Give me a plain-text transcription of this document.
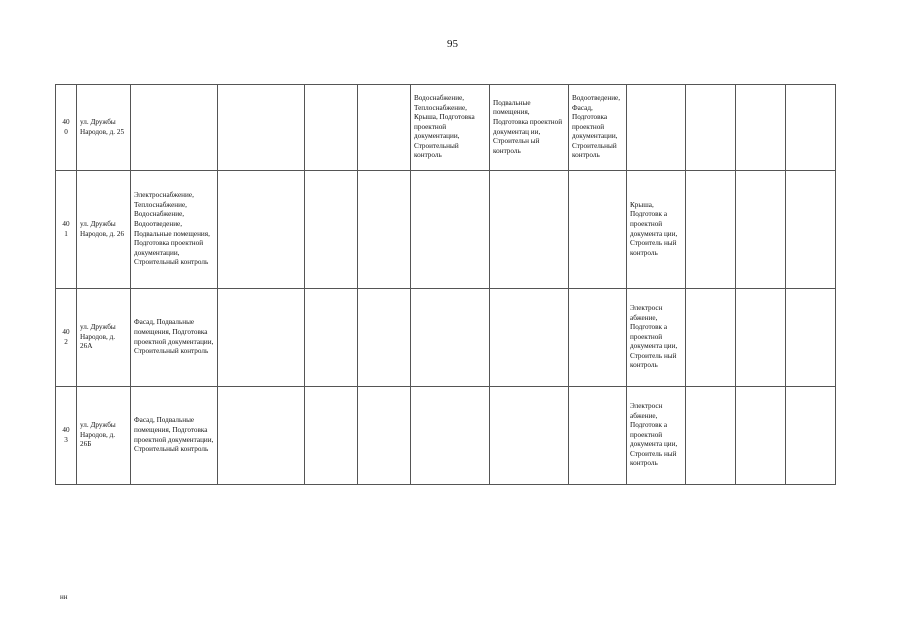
95
40
0	ул. Дружбы Народов, д. 25					Водоснабжение, Теплоснабжение, Крыша, Подготовка проектной документации, Строительный контроль	Подвальные помещения, Подготовка проектной документац ии, Строительн ый контроль	Водоотведение, Фасад, Подготовка проектной документации, Строительный контроль				
40
1	ул. Дружбы Народов, д. 26	Электроснабжение, Теплоснабжение, Водоснабжение, Водоотведение, Подвальные помещения, Подготовка проектной документации, Строительный контроль							Крыша, Подготовк а проектной документа ции, Строитель ный контроль			
40
2	ул. Дружбы Народов, д. 26А	Фасад, Подвальные помещения, Подготовка проектной документации, Строительный контроль							Электросн абжение, Подготовк а проектной документа ции, Строитель ный контроль			
40
3	ул. Дружбы Народов, д. 26Б	Фасад, Подвальные помещения, Подготовка проектной документации, Строительный контроль							Электросн абжение, Подготовк а проектной документа ции, Строитель ный контроль			
нн
